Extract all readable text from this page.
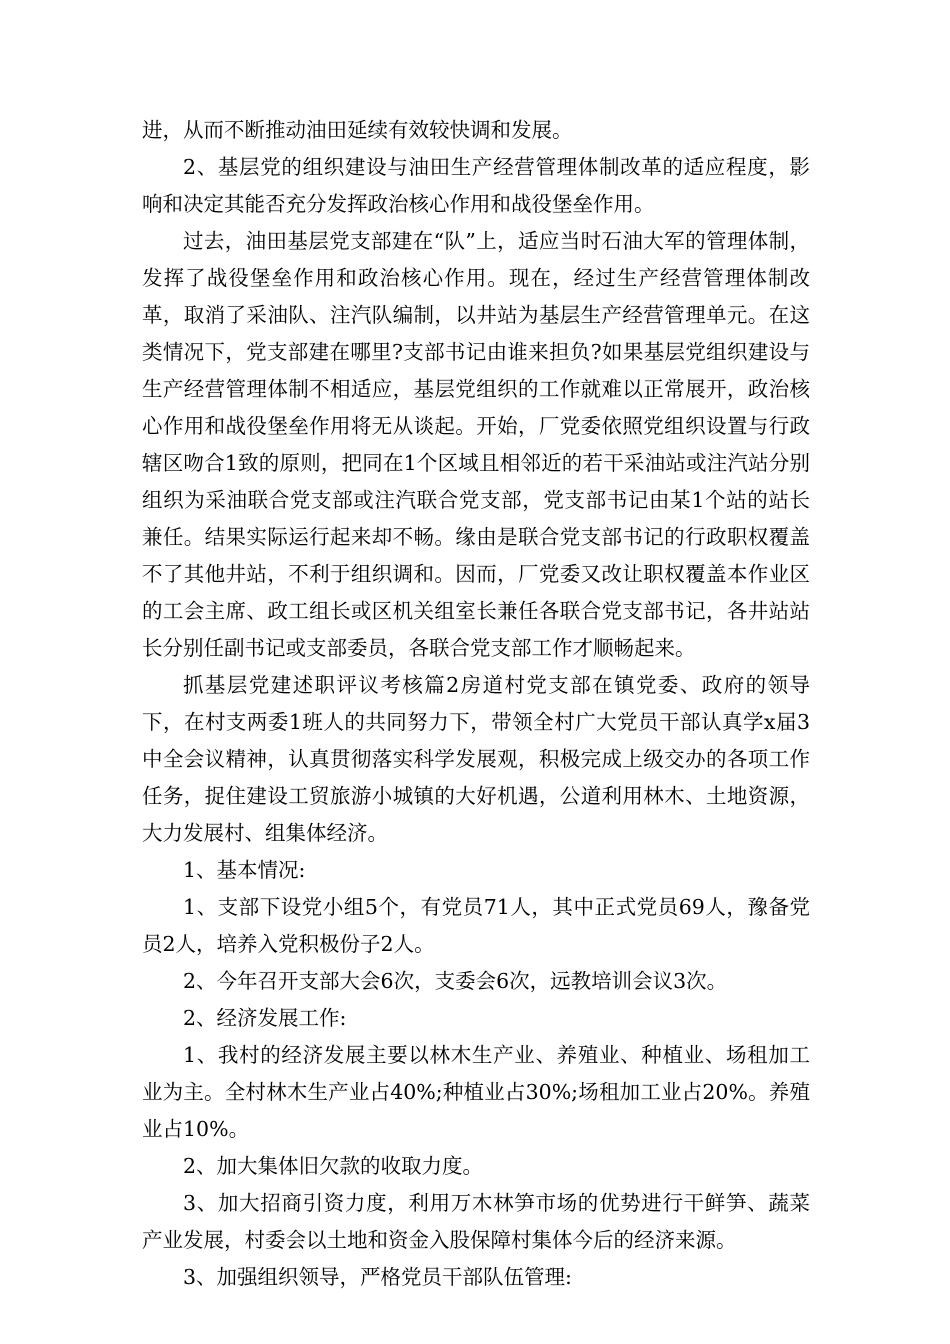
进，从而不断推动油田延续有效较快调和发展。

2、基层党的组织建设与油田生产经营管理体制改革的适应程度，影响和决定其能否充分发挥政治核心作用和战役堡垒作用。

过去，油田基层党支部建在“队”上，适应当时石油大军的管理体制，发挥了战役堡垒作用和政治核心作用。现在，经过生产经营管理体制改革，取消了采油队、注汽队编制，以井站为基层生产经营管理单元。在这类情况下，党支部建在哪里?支部书记由谁来担负?如果基层党组织建设与生产经营管理体制不相适应，基层党组织的工作就难以正常展开，政治核心作用和战役堡垒作用将无从谈起。开始，厂党委依照党组织设置与行政辖区吻合1致的原则，把同在1个区域且相邻近的若干采油站或注汽站分别组织为采油联合党支部或注汽联合党支部，党支部书记由某1个站的站长兼任。结果实际运行起来却不畅。缘由是联合党支部书记的行政职权覆盖不了其他井站，不利于组织调和。因而，厂党委又改让职权覆盖本作业区的工会主席、政工组长或区机关组室长兼任各联合党支部书记，各井站站长分别任副书记或支部委员，各联合党支部工作才顺畅起来。

抓基层党建述职评议考核篇2房道村党支部在镇党委、政府的领导下，在村支两委1班人的共同努力下，带领全村广大党员干部认真学x届3中全会议精神，认真贯彻落实科学发展观，积极完成上级交办的各项工作任务，捉住建设工贸旅游小城镇的大好机遇，公道利用林木、土地资源，大力发展村、组集体经济。

1、基本情况:

1、支部下设党小组5个，有党员71人，其中正式党员69人，豫备党员2人，培养入党积极份子2人。

2、今年召开支部大会6次，支委会6次，远教培训会议3次。

2、经济发展工作:

1、我村的经济发展主要以林木生产业、养殖业、种植业、场租加工业为主。全村林木生产业占40%;种植业占30%;场租加工业占20%。养殖业占10%。

2、加大集体旧欠款的收取力度。

3、加大招商引资力度，利用万木林笋市场的优势进行干鲜笋、蔬菜产业发展，村委会以土地和资金入股保障村集体今后的经济来源。

3、加强组织领导，严格党员干部队伍管理:
